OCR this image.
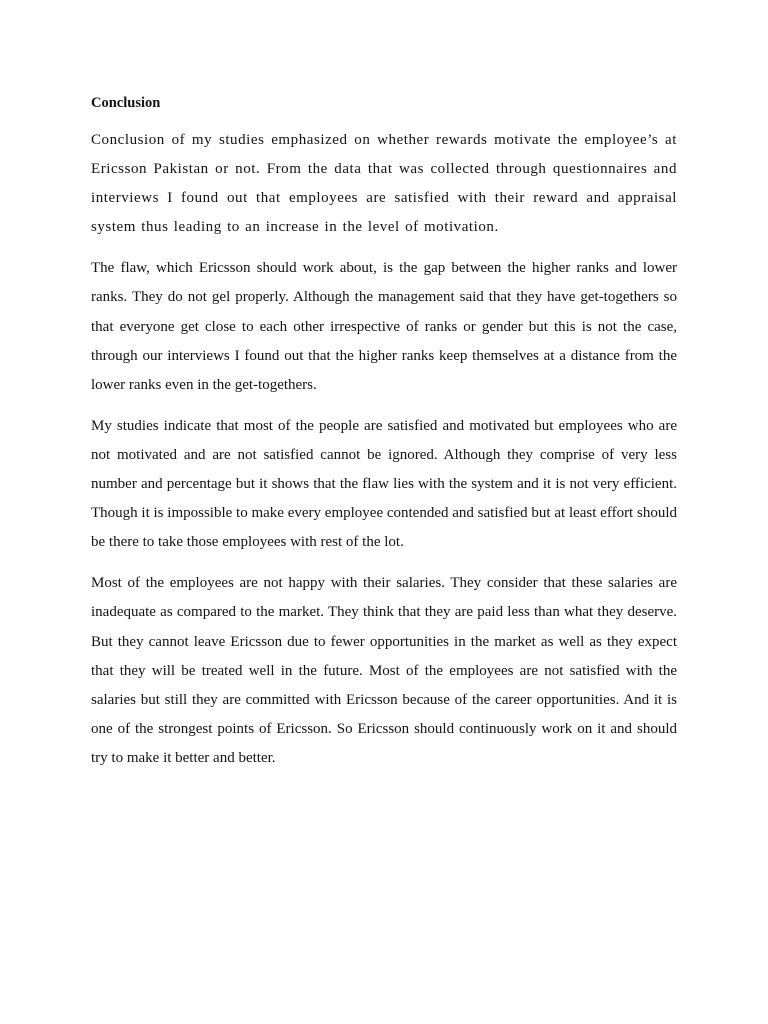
Conclusion

Conclusion of my studies emphasized on whether rewards motivate the employee’s at Ericsson Pakistan or not. From the data that was collected through questionnaires and interviews I found out that employees are satisfied with their reward and appraisal system thus leading to an increase in the level of motivation.

The flaw, which Ericsson should work about, is the gap between the higher ranks and lower ranks. They do not gel properly. Although the management said that they have get-togethers so that everyone get close to each other irrespective of ranks or gender but this is not the case, through our interviews I found out that the higher ranks keep themselves at a distance from the lower ranks even in the get-togethers.

My studies indicate that most of the people are satisfied and motivated but employees who are not motivated and are not satisfied cannot be ignored. Although they comprise of very less number and percentage but it shows that the flaw lies with the system and it is not very efficient. Though it is impossible to make every employee contended and satisfied but at least effort should be there to take those employees with rest of the lot.

Most of the employees are not happy with their salaries. They consider that these salaries are inadequate as compared to the market. They think that they are paid less than what they deserve. But they cannot leave Ericsson due to fewer opportunities in the market as well as they expect that they will be treated well in the future. Most of the employees are not satisfied with the salaries but still they are committed with Ericsson because of the career opportunities. And it is one of the strongest points of Ericsson. So Ericsson should continuously work on it and should try to make it better and better.
